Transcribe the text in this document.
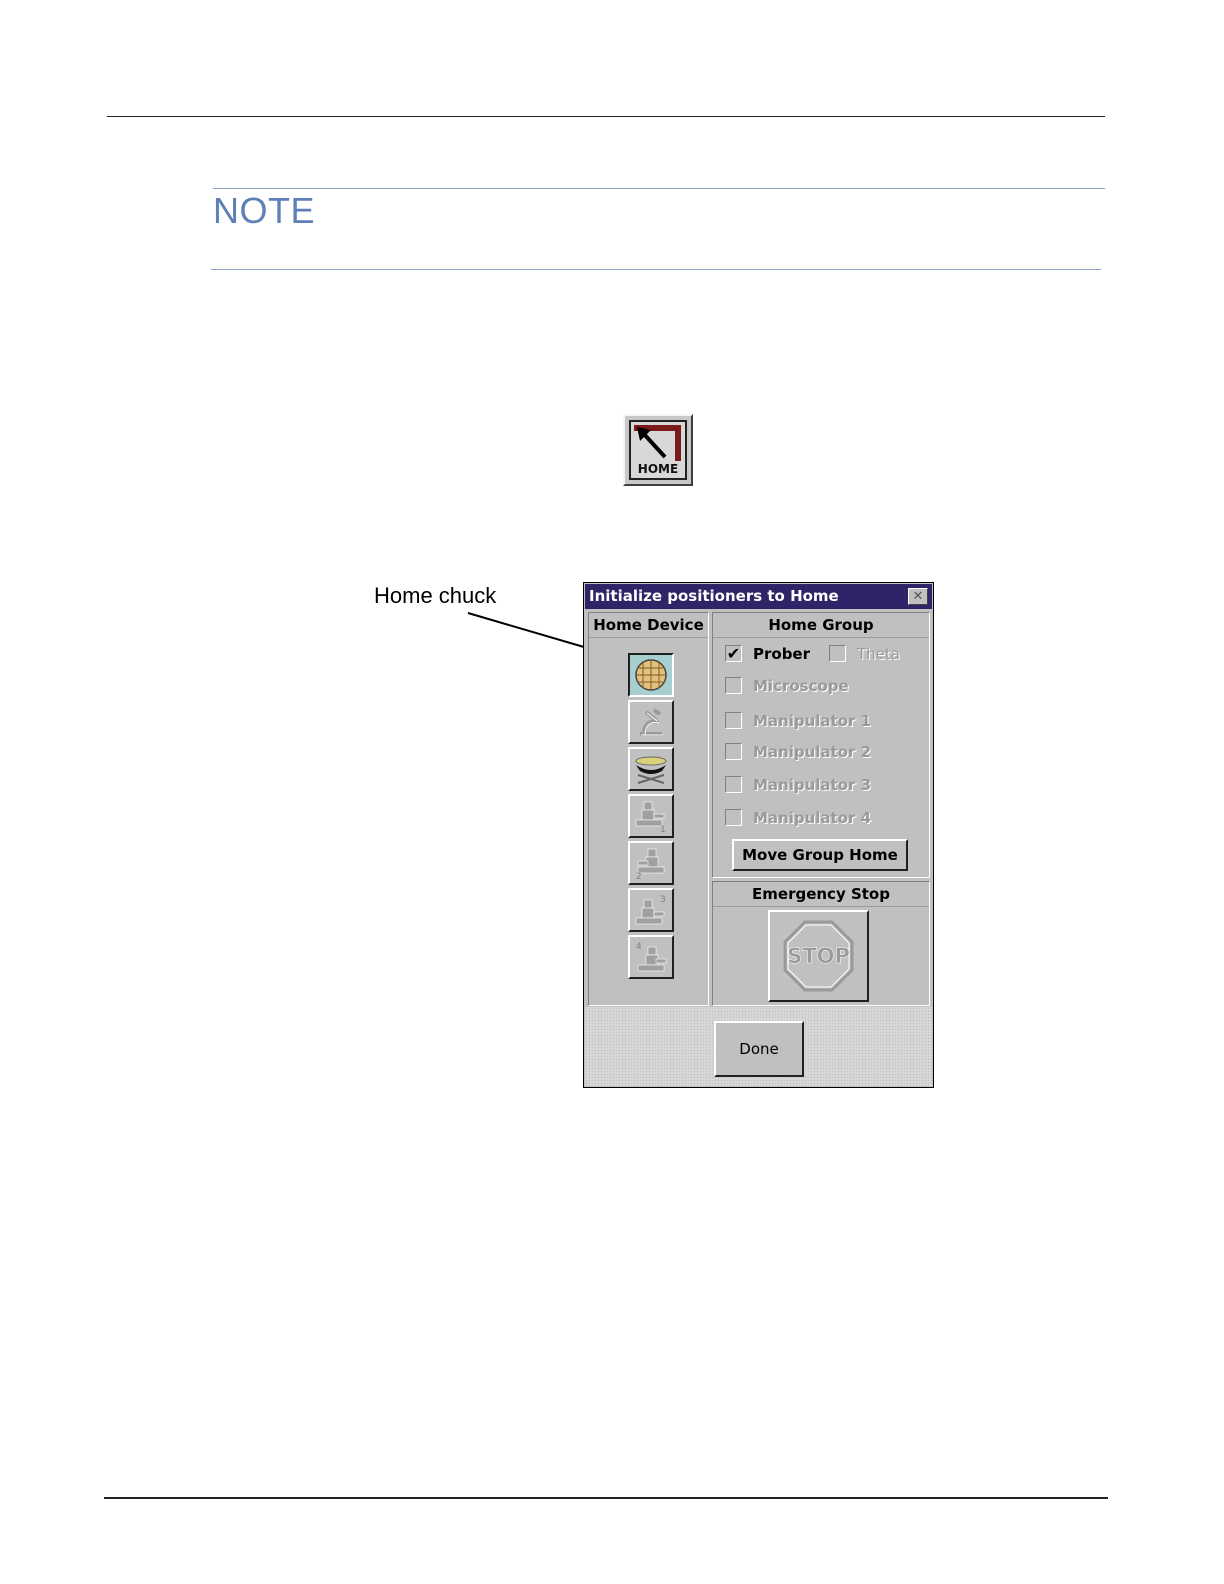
NOTE
HOME
Home chuck	Initialize positioners to Home	✕
Home Device
1
2
3
4
Home Group
✔ Prober	Theta
Microscope
Manipulator 1
Manipulator 2
Manipulator 3
Manipulator 4
Move Group Home
Emergency Stop
STOP
Done
